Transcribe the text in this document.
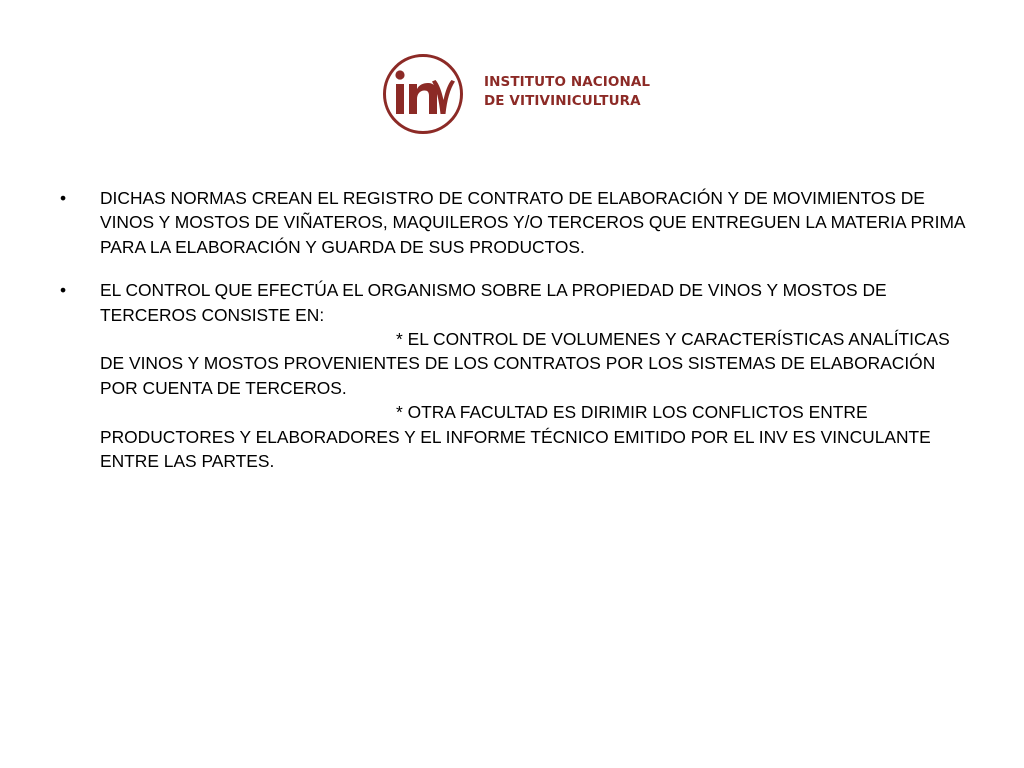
INSTITUTO NACIONAL
DE VITIVINICULTURA
• DICHAS NORMAS CREAN EL REGISTRO DE CONTRATO DE ELABORACIÓN Y DE MOVIMIENTOS DE VINOS Y MOSTOS DE VIÑATEROS, MAQUILEROS Y/O TERCEROS QUE ENTREGUEN LA MATERIA PRIMA PARA LA ELABORACIÓN Y GUARDA DE SUS PRODUCTOS.

• EL CONTROL QUE EFECTÚA EL ORGANISMO SOBRE LA PROPIEDAD DE VINOS Y MOSTOS DE TERCEROS CONSISTE EN:

* EL CONTROL DE VOLUMENES Y CARACTERÍSTICAS ANALÍTICAS DE VINOS Y MOSTOS PROVENIENTES DE LOS CONTRATOS POR LOS SISTEMAS DE ELABORACIÓN POR CUENTA DE TERCEROS.

* OTRA FACULTAD ES DIRIMIR LOS CONFLICTOS ENTRE PRODUCTORES Y ELABORADORES Y EL INFORME TÉCNICO EMITIDO POR EL INV ES VINCULANTE ENTRE LAS PARTES.
